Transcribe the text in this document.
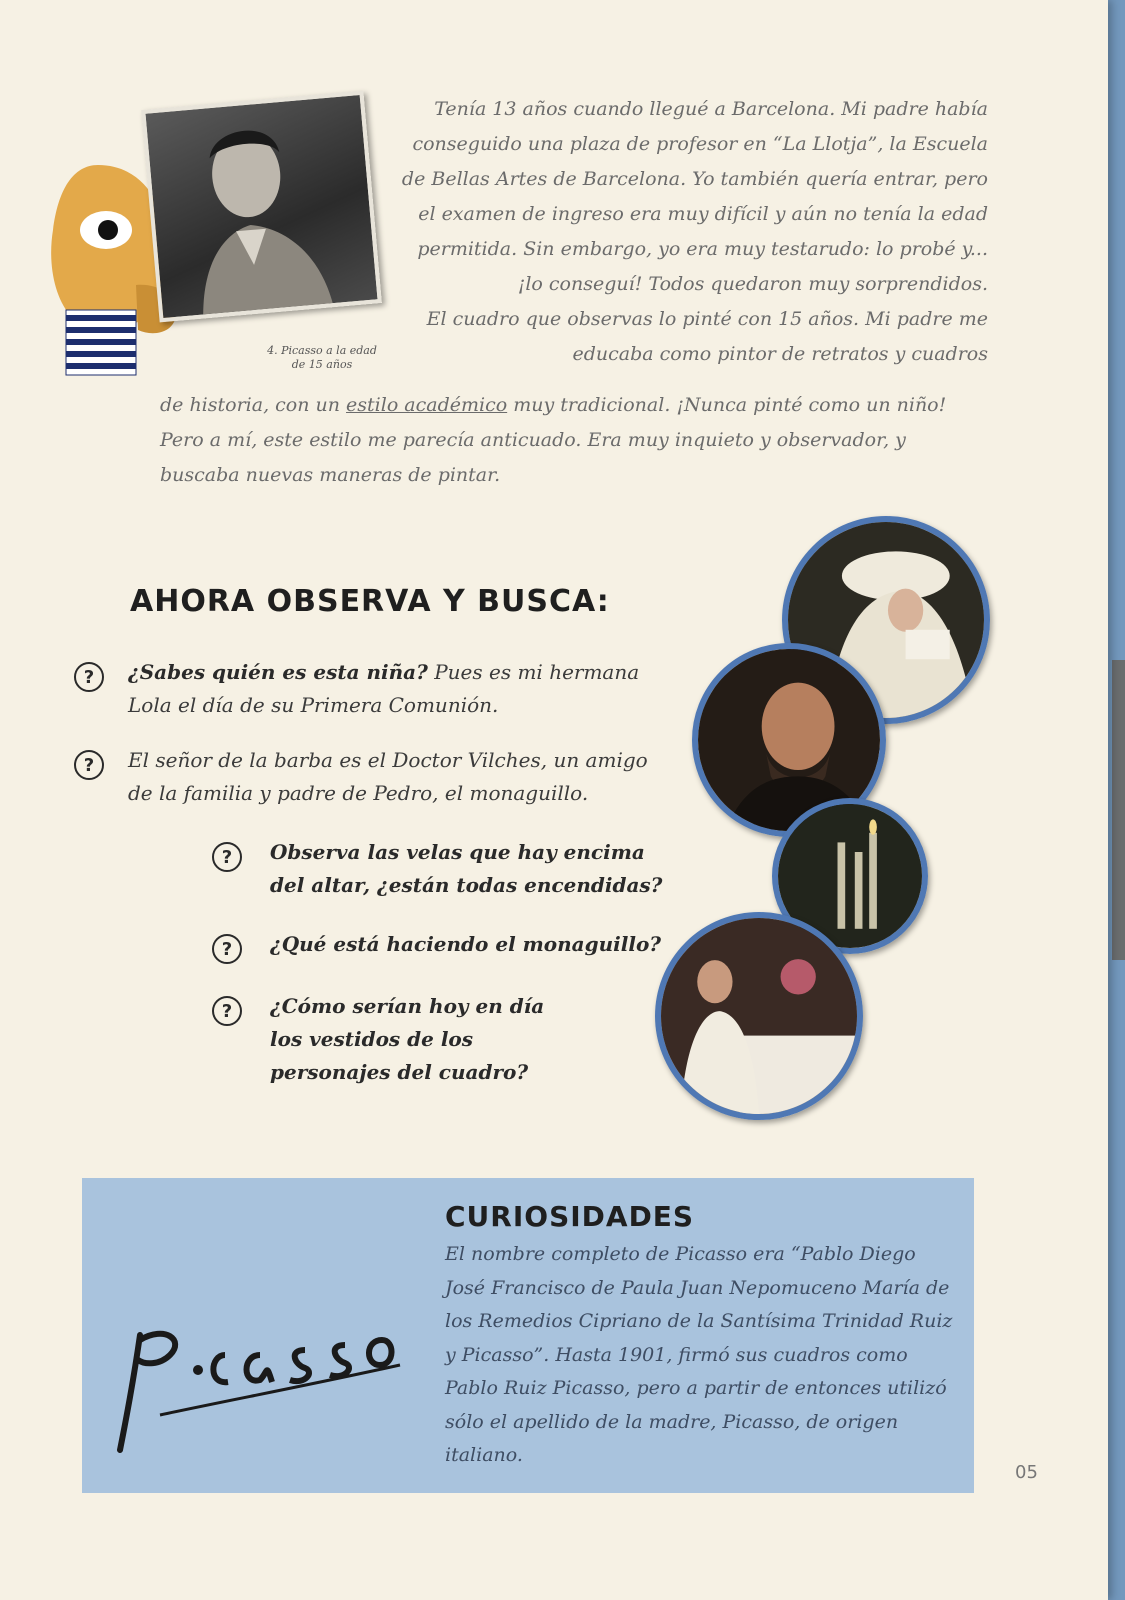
4. Picasso a la edad
de 15 años
Tenía 13 años cuando llegué a Barcelona. Mi padre había conseguido una plaza de profesor en “La Llotja”, la Escuela de Bellas Artes de Barcelona. Yo también quería entrar, pero el examen de ingreso era muy difícil y aún no tenía la edad permitida. Sin embargo, yo era muy testarudo: lo probé y... ¡lo conseguí! Todos quedaron muy sorprendidos.
El cuadro que observas lo pinté con 15 años. Mi padre me educaba como pintor de retratos y cuadros
de historia, con un estilo académico muy tradicional. ¡Nunca pinté como un niño! Pero a mí, este estilo me parecía anticuado. Era muy inquieto y observador, y buscaba nuevas maneras de pintar.
AHORA OBSERVA Y BUSCA:
?	¿Sabes quién es esta niña? Pues es mi hermana Lola el día de su Primera Comunión.
?	El señor de la barba es el Doctor Vilches, un amigo de la familia y padre de Pedro, el monaguillo.
?	Observa las velas que hay encima del altar, ¿están todas encendidas?
?	¿Qué está haciendo el monaguillo?
?	¿Cómo serían hoy en día los vestidos de los personajes del cuadro?
CURIOSIDADES
El nombre completo de Picasso era “Pablo Diego José Francisco de Paula Juan Nepomuceno María de los Remedios Cipriano de la Santísima Trinidad Ruiz y Picasso”. Hasta 1901, firmó sus cuadros como Pablo Ruiz Picasso, pero a partir de entonces utilizó sólo el apellido de la madre, Picasso, de origen italiano.
05
